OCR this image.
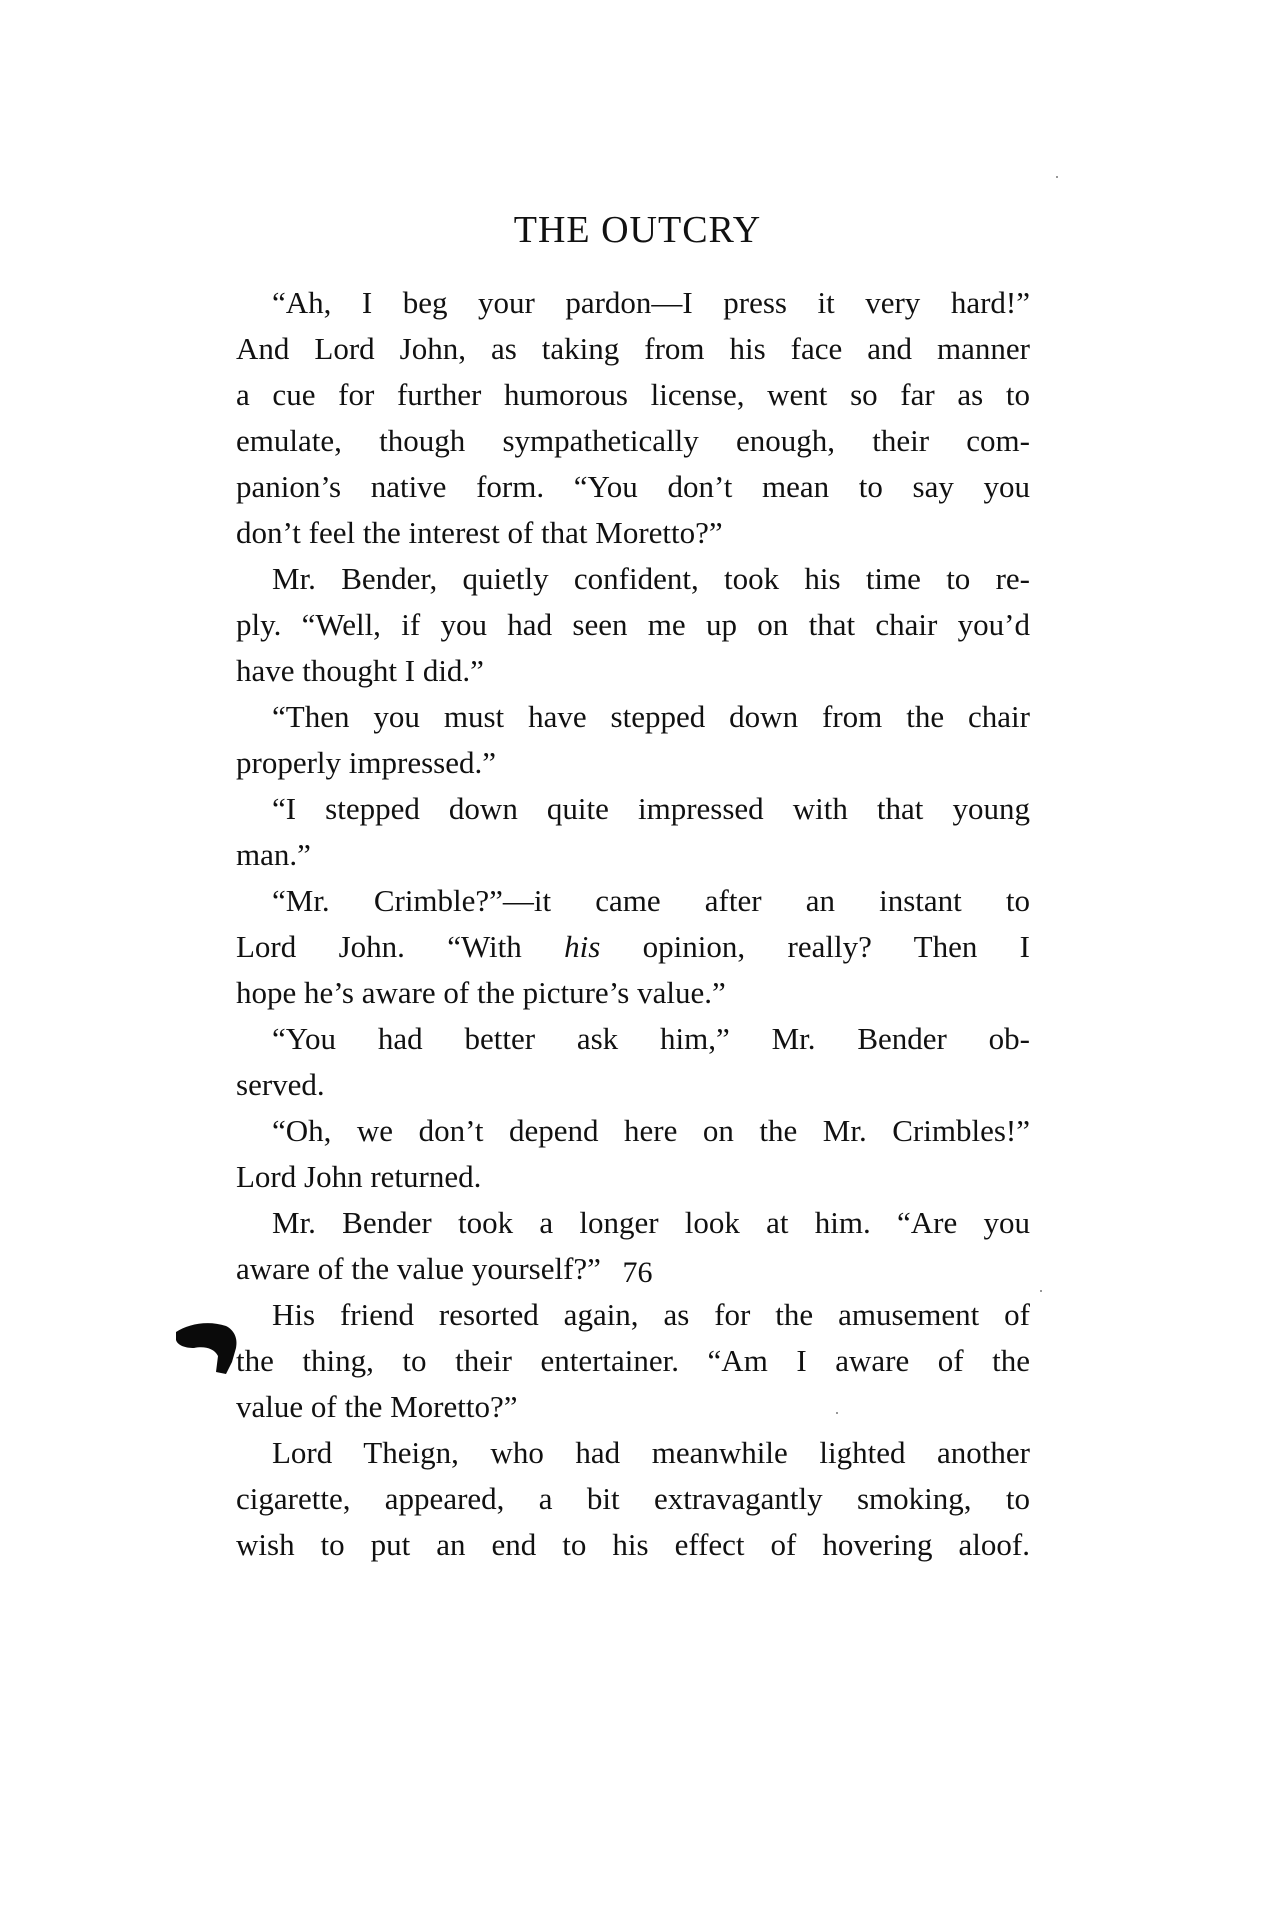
THE OUTCRY
“Ah, I beg your pardon—I press it very hard!”
And Lord John, as taking from his face and manner
a cue for further humorous license, went so far as to
emulate, though sympathetically enough, their com-
panion’s native form. “You don’t mean to say you
don’t feel the interest of that Moretto?”
Mr. Bender, quietly confident, took his time to re-
ply. “Well, if you had seen me up on that chair you’d
have thought I did.”
“Then you must have stepped down from the chair
properly impressed.”
“I stepped down quite impressed with that young
man.”
“Mr. Crimble?”—it came after an instant to
Lord John. “With his opinion, really? Then I
hope he’s aware of the picture’s value.”
“You had better ask him,” Mr. Bender ob-
served.
“Oh, we don’t depend here on the Mr. Crimbles!”
Lord John returned.
Mr. Bender took a longer look at him. “Are you
aware of the value yourself?”
His friend resorted again, as for the amusement of
the thing, to their entertainer. “Am I aware of the
value of the Moretto?”
Lord Theign, who had meanwhile lighted another
cigarette, appeared, a bit extravagantly smoking, to
wish to put an end to his effect of hovering aloof.
76
